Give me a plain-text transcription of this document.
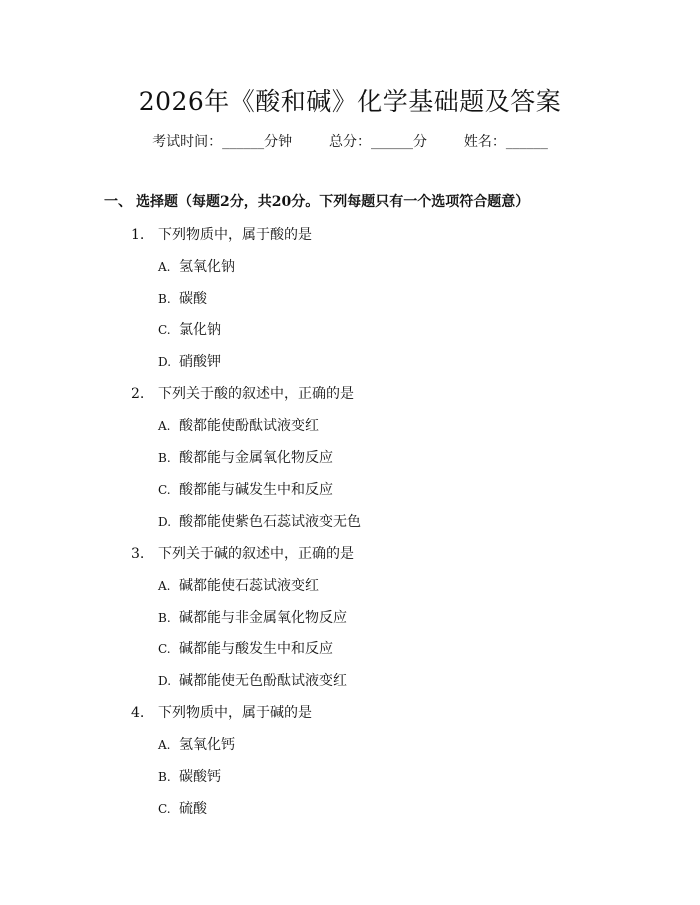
2026年《酸和碱》化学基础题及答案
考试时间：______分钟	总分：______分	姓名：______
一、 选择题（每题2分，共20分。下列每题只有一个选项符合题意）
1. 下列物质中，属于酸的是
A. 氢氧化钠
B. 碳酸
C. 氯化钠
D. 硝酸钾
2. 下列关于酸的叙述中，正确的是
A. 酸都能使酚酞试液变红
B. 酸都能与金属氧化物反应
C. 酸都能与碱发生中和反应
D. 酸都能使紫色石蕊试液变无色
3. 下列关于碱的叙述中，正确的是
A. 碱都能使石蕊试液变红
B. 碱都能与非金属氧化物反应
C. 碱都能与酸发生中和反应
D. 碱都能使无色酚酞试液变红
4. 下列物质中，属于碱的是
A. 氢氧化钙
B. 碳酸钙
C. 硫酸
